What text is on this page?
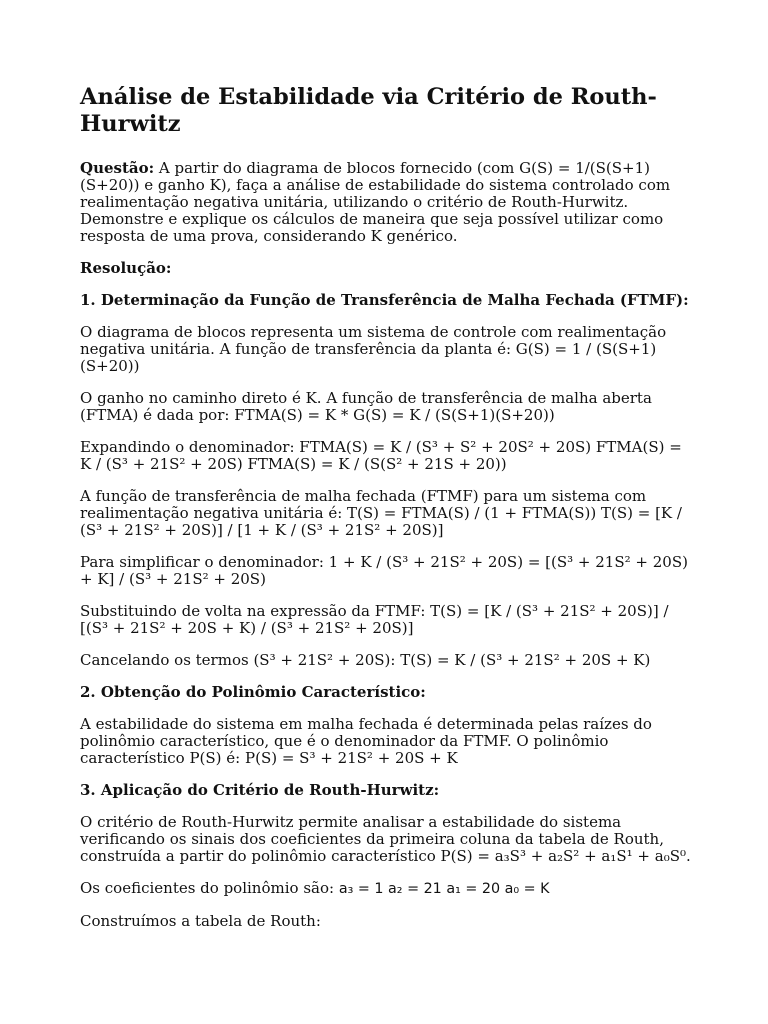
Análise de Estabilidade via Critério de Routh-Hurwitz

Questão: A partir do diagrama de blocos fornecido (com G(S) = 1/(S(S+1)(S+20)) e ganho K), faça a análise de estabilidade do sistema controlado com realimentação negativa unitária, utilizando o critério de Routh-Hurwitz. Demonstre e explique os cálculos de maneira que seja possível utilizar como resposta de uma prova, considerando K genérico.

Resolução:

1. Determinação da Função de Transferência de Malha Fechada (FTMF):

O diagrama de blocos representa um sistema de controle com realimentação negativa unitária. A função de transferência da planta é: G(S) = 1 / (S(S+1)(S+20))

O ganho no caminho direto é K. A função de transferência de malha aberta (FTMA) é dada por: FTMA(S) = K * G(S) = K / (S(S+1)(S+20))

Expandindo o denominador: FTMA(S) = K / (S³ + S² + 20S² + 20S) FTMA(S) = K / (S³ + 21S² + 20S) FTMA(S) = K / (S(S² + 21S + 20))

A função de transferência de malha fechada (FTMF) para um sistema com realimentação negativa unitária é: T(S) = FTMA(S) / (1 + FTMA(S)) T(S) = [K / (S³ + 21S² + 20S)] / [1 + K / (S³ + 21S² + 20S)]

Para simplificar o denominador: 1 + K / (S³ + 21S² + 20S) = [(S³ + 21S² + 20S) + K] / (S³ + 21S² + 20S)

Substituindo de volta na expressão da FTMF: T(S) = [K / (S³ + 21S² + 20S)] / [(S³ + 21S² + 20S + K) / (S³ + 21S² + 20S)]

Cancelando os termos (S³ + 21S² + 20S): T(S) = K / (S³ + 21S² + 20S + K)

2. Obtenção do Polinômio Característico:

A estabilidade do sistema em malha fechada é determinada pelas raízes do polinômio característico, que é o denominador da FTMF. O polinômio característico P(S) é: P(S) = S³ + 21S² + 20S + K

3. Aplicação do Critério de Routh-Hurwitz:

O critério de Routh-Hurwitz permite analisar a estabilidade do sistema verificando os sinais dos coeficientes da primeira coluna da tabela de Routh, construída a partir do polinômio característico P(S) = a₃S³ + a₂S² + a₁S¹ + a₀S⁰.

Os coeficientes do polinômio são: a₃ = 1 a₂ = 21 a₁ = 20 a₀ = K

Construímos a tabela de Routh:
